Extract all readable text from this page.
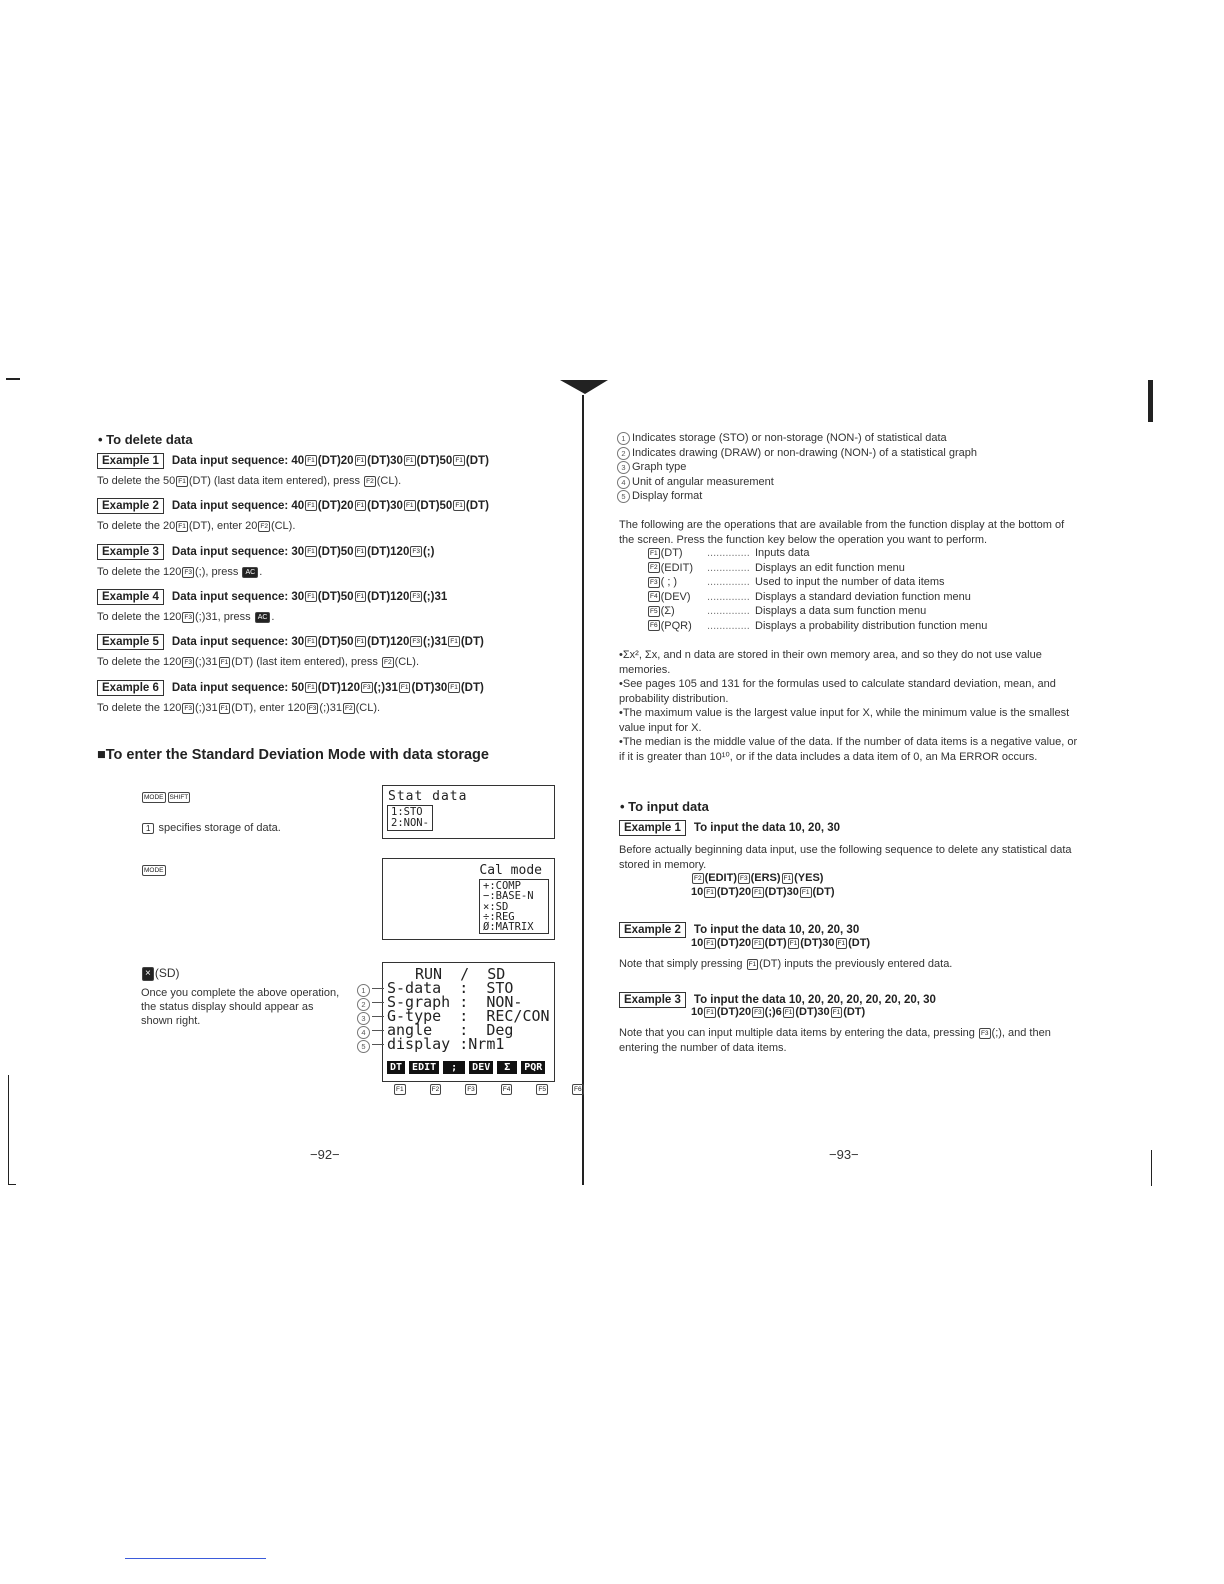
• To delete data
Example 1	Data input sequence: 40 F1 (DT)20 F1 (DT)30 F1 (DT)50 F1 (DT)
To delete the 50 F1 (DT) (last data item entered), press F2 (CL).
Example 2	Data input sequence: 40 F1 (DT)20 F1 (DT)30 F1 (DT)50 F1 (DT)
To delete the 20 F1 (DT), enter 20 F2 (CL).
Example 3	Data input sequence: 30 F1 (DT)50 F1 (DT)120 F3 (;)
To delete the 120 F3 (;), press AC .
Example 4	Data input sequence: 30 F1 (DT)50 F1 (DT)120 F3 (;)31
To delete the 120 F3 (;)31, press AC .
Example 5	Data input sequence: 30 F1 (DT)50 F1 (DT)120 F3 (;)31 F1 (DT)
To delete the 120 F3 (;)31 F1 (DT) (last item entered), press F2 (CL).
Example 6	Data input sequence: 50 F1 (DT)120 F3 (;)31 F1 (DT)30 F1 (DT)
To delete the 120 F3 (;)31 F1 (DT), enter 120 F3 (;)31 F2 (CL).
■To enter the Standard Deviation Mode with data storage
MODE SHIFT
1 specifies storage of data.
MODE
× (SD)
Once you complete the above operation, the status display should appear as shown right.
Stat data
1:STO
2:NON-
Cal mode
+:COMP
−:BASE-N
×:SD
÷:REG
Ø:MATRIX
RUN  /  SD
S-data  :  STO
S-graph :  NON-
G-type  :  REC/CON
angle   :  Deg
display :Nrm1
DT	EDIT	;	DEV	Σ	PQR
1
2
3
4
5
F1	F2	F3	F4	F5	F6
−92−
1 Indicates storage (STO) or non-storage (NON-) of statistical data
2 Indicates drawing (DRAW) or non-drawing (NON-) of a statistical graph
3 Graph type
4 Unit of angular measurement
5 Display format
The following are the operations that are available from the function display at the bottom of the screen. Press the function key below the operation you want to perform.
F1 (DT)	.............. Inputs data
F2 (EDIT)	.............. Displays an edit function menu
F3 ( ; )	.............. Used to input the number of data items
F4 (DEV)	.............. Displays a standard deviation function menu
F5 (Σ)	.............. Displays a data sum function menu
F6 (PQR)	.............. Displays a probability distribution function menu
•Σx², Σx, and n data are stored in their own memory area, and so they do not use value memories.
•See pages 105 and 131 for the formulas used to calculate standard deviation, mean, and probability distribution.
•The maximum value is the largest value input for X, while the minimum value is the smallest value input for X.
•The median is the middle value of the data. If the number of data items is a negative value, or if it is greater than 10¹⁰, or if the data includes a data item of 0, an Ma ERROR occurs.
• To input data
Example 1	To input the data 10, 20, 30
Before actually beginning data input, use the following sequence to delete any statistical data stored in memory.
F2 (EDIT) F3 (ERS) F1 (YES)
10 F1 (DT)20 F1 (DT)30 F1 (DT)
Example 2	To input the data 10, 20, 20, 30
10 F1 (DT)20 F1 (DT) F1 (DT)30 F1 (DT)
Note that simply pressing F1 (DT) inputs the previously entered data.
Example 3	To input the data 10, 20, 20, 20, 20, 20, 20, 30
10 F1 (DT)20 F3 (;)6 F1 (DT)30 F1 (DT)
Note that you can input multiple data items by entering the data, pressing F3 (;), and then entering the number of data items.
−93−
